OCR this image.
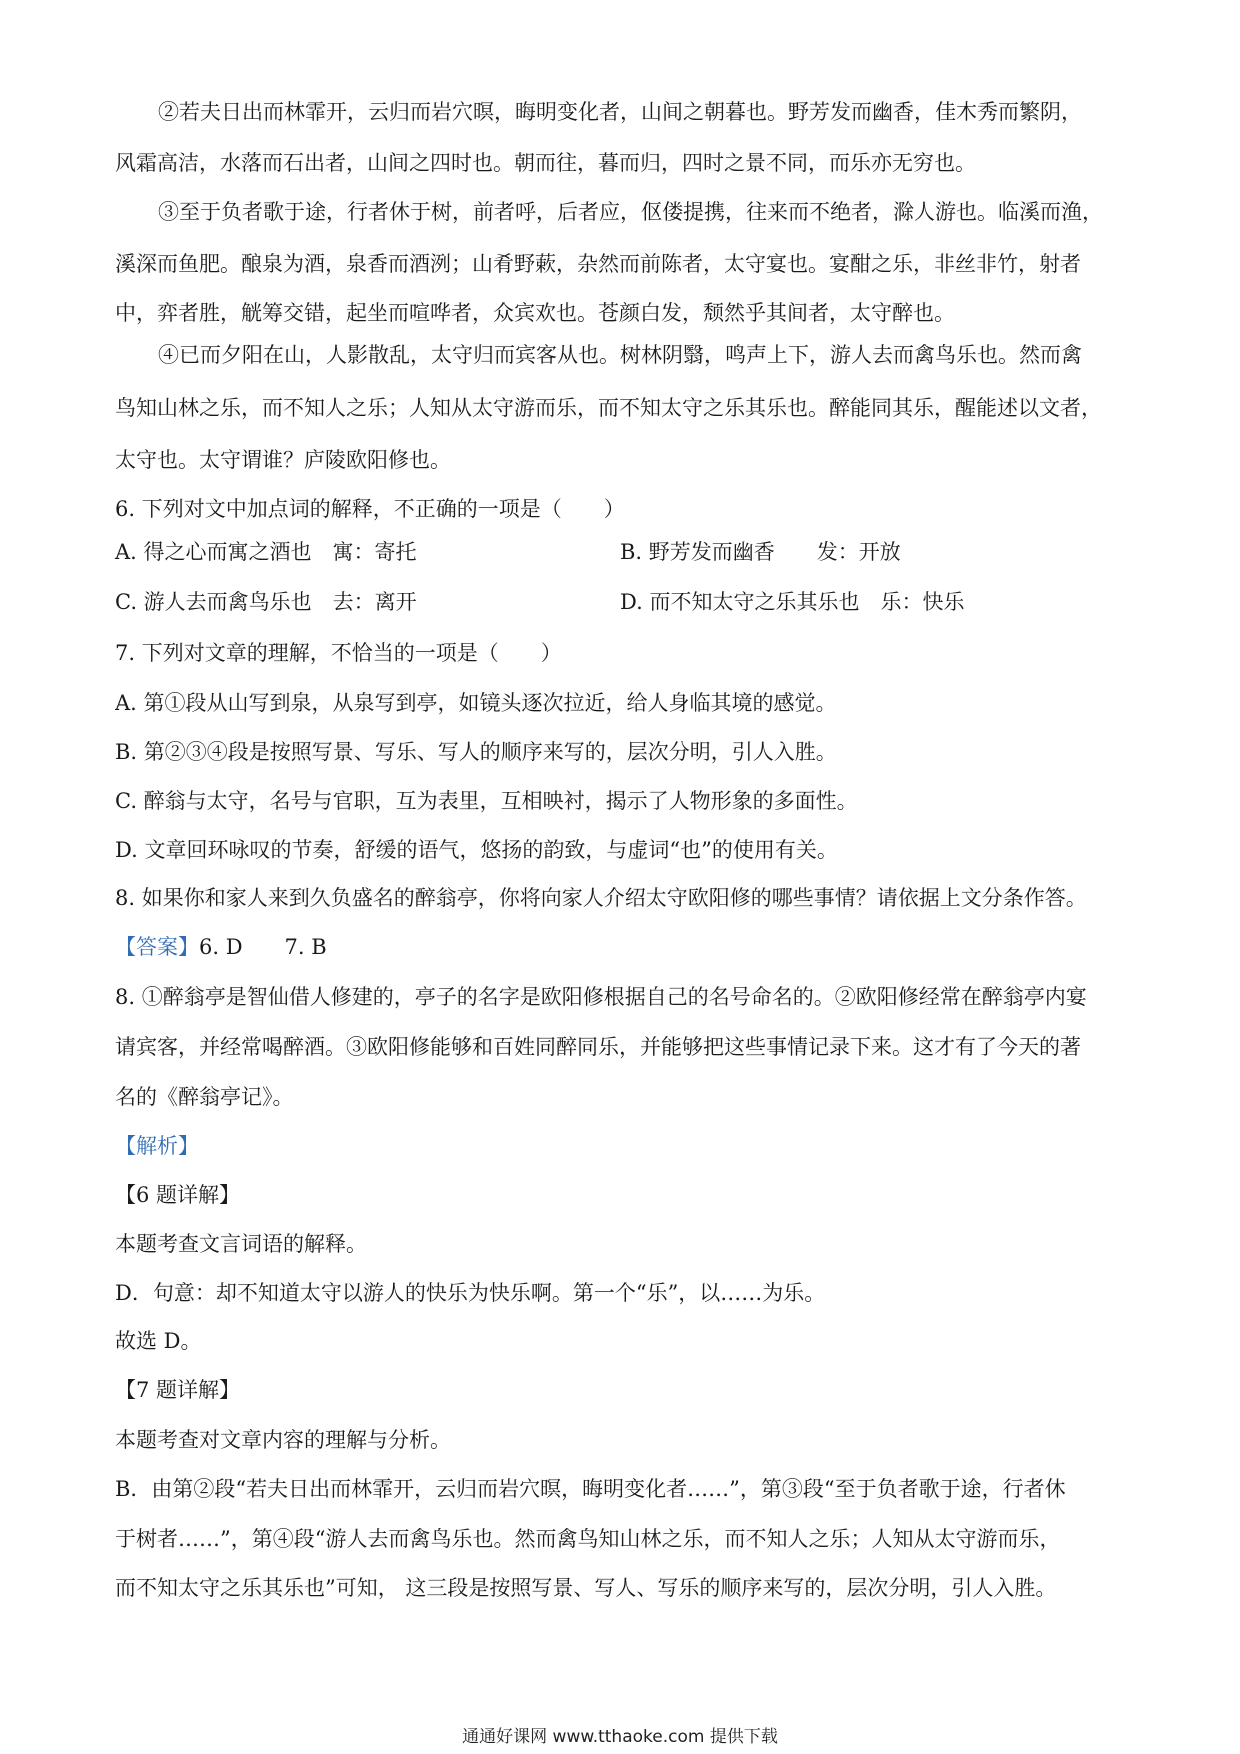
②若夫日出而林霏开，云归而岩穴暝，晦明变化者，山间之朝暮也。野芳发而幽香，佳木秀而繁阴，
风霜高洁，水落而石出者，山间之四时也。朝而往，暮而归，四时之景不同，而乐亦无穷也。
③至于负者歌于途，行者休于树，前者呼，后者应，伛偻提携，往来而不绝者，滁人游也。临溪而渔，
溪深而鱼肥。酿泉为酒，泉香而酒洌；山肴野蔌，杂然而前陈者，太守宴也。宴酣之乐，非丝非竹，射者
中，弈者胜，觥筹交错，起坐而喧哗者，众宾欢也。苍颜白发，颓然乎其间者，太守醉也。
④已而夕阳在山，人影散乱，太守归而宾客从也。树林阴翳，鸣声上下，游人去而禽鸟乐也。然而禽
鸟知山林之乐，而不知人之乐；人知从太守游而乐，而不知太守之乐其乐也。醉能同其乐，醒能述以文者，
太守也。太守谓谁？庐陵欧阳修也。
6. 下列对文中加点词的解释，不正确的一项是（　　）
A. 得之心而寓之酒也　寓：寄托	B. 野芳发而幽香　　发：开放
C. 游人去而禽鸟乐也　去：离开	D. 而不知太守之乐其乐也　乐：快乐
7. 下列对文章的理解，不恰当的一项是（　　）
A. 第①段从山写到泉，从泉写到亭，如镜头逐次拉近，给人身临其境的感觉。
B. 第②③④段是按照写景、写乐、写人的顺序来写的，层次分明，引人入胜。
C. 醉翁与太守，名号与官职，互为表里，互相映衬，揭示了人物形象的多面性。
D. 文章回环咏叹的节奏，舒缓的语气，悠扬的韵致，与虚词“也”的使用有关。
8. 如果你和家人来到久负盛名的醉翁亭，你将向家人介绍太守欧阳修的哪些事情？请依据上文分条作答。
【答案】6. D　　7. B
8. ①醉翁亭是智仙借人修建的，亭子的名字是欧阳修根据自己的名号命名的。②欧阳修经常在醉翁亭内宴
请宾客，并经常喝醉酒。③欧阳修能够和百姓同醉同乐，并能够把这些事情记录下来。这才有了今天的著
名的《醉翁亭记》。
【解析】
【6 题详解】
本题考查文言词语的解释。
D．句意：却不知道太守以游人的快乐为快乐啊。第一个“乐”，以……为乐。
故选 D。
【7 题详解】
本题考查对文章内容的理解与分析。
B．由第②段“若夫日出而林霏开，云归而岩穴暝，晦明变化者……”，第③段“至于负者歌于途，行者休
于树者……”，第④段“游人去而禽鸟乐也。然而禽鸟知山林之乐，而不知人之乐；人知从太守游而乐，
而不知太守之乐其乐也”可知， 这三段是按照写景、写人、写乐的顺序来写的，层次分明，引人入胜。
通通好课网 www.tthaoke.com 提供下载
